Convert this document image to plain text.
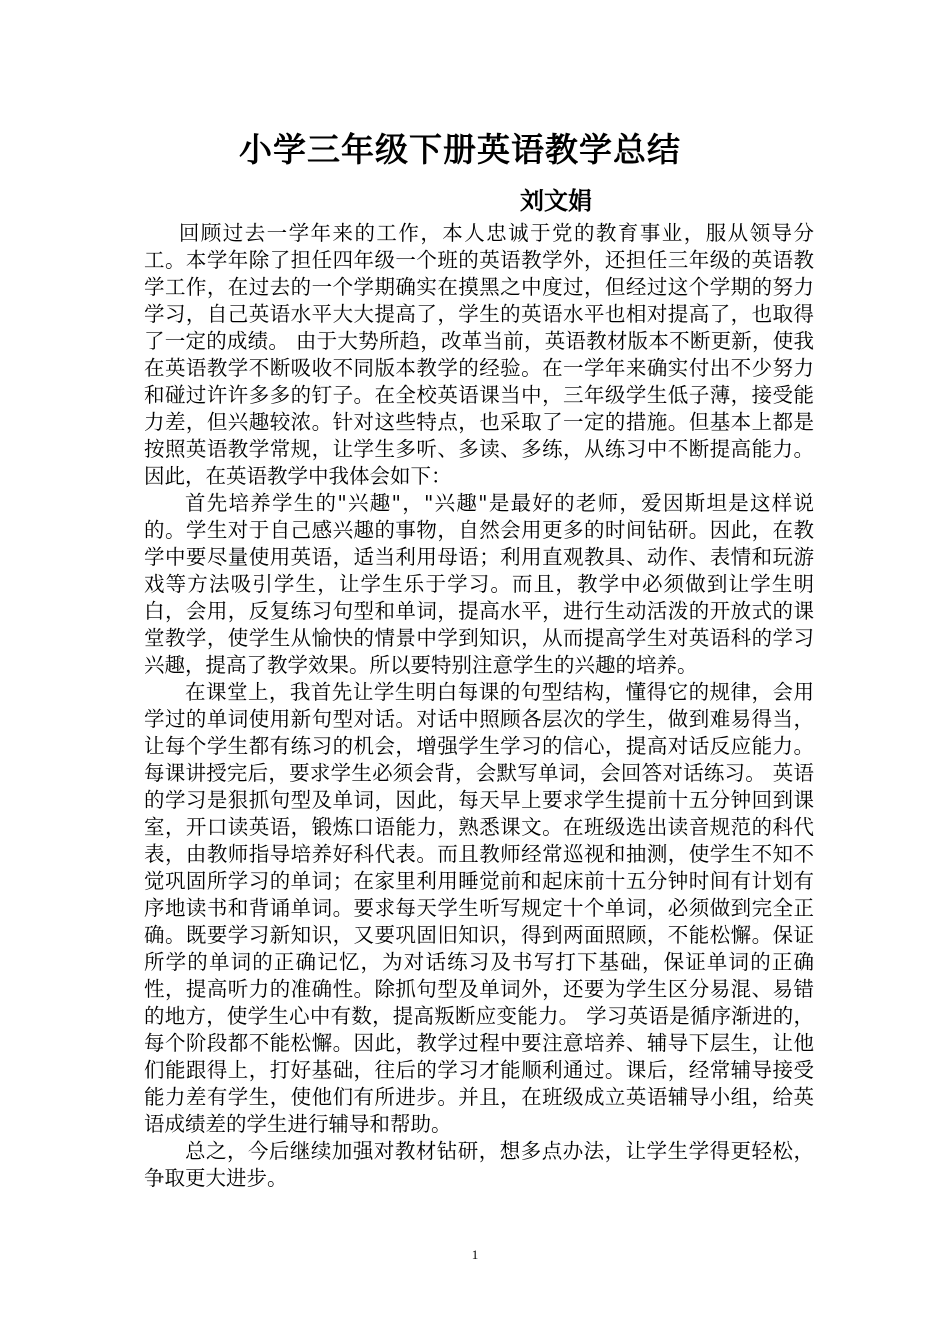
小学三年级下册英语教学总结
刘文娟

回顾过去一学年来的工作，本人忠诚于党的教育事业，服从领导分工。本学年除了担任四年级一个班的英语教学外，还担任三年级的英语教学工作，在过去的一个学期确实在摸黑之中度过，但经过这个学期的努力学习，自己英语水平大大提高了，学生的英语水平也相对提高了，也取得了一定的成绩。 由于大势所趋，改革当前，英语教材版本不断更新，使我在英语教学不断吸收不同版本教学的经验。在一学年来确实付出不少努力和碰过许许多多的钉子。在全校英语课当中，三年级学生低子薄，接受能力差，但兴趣较浓。针对这些特点，也采取了一定的措施。但基本上都是按照英语教学常规，让学生多听、多读、多练，从练习中不断提高能力。因此，在英语教学中我体会如下：

首先培养学生的"兴趣"，"兴趣"是最好的老师，爱因斯坦是这样说的。学生对于自己感兴趣的事物，自然会用更多的时间钻研。因此，在教学中要尽量使用英语，适当利用母语；利用直观教具、动作、表情和玩游戏等方法吸引学生，让学生乐于学习。而且，教学中必须做到让学生明白，会用，反复练习句型和单词，提高水平，进行生动活泼的开放式的课堂教学，使学生从愉快的情景中学到知识，从而提高学生对英语科的学习兴趣，提高了教学效果。所以要特别注意学生的兴趣的培养。

在课堂上，我首先让学生明白每课的句型结构，懂得它的规律，会用学过的单词使用新句型对话。对话中照顾各层次的学生，做到难易得当，让每个学生都有练习的机会，增强学生学习的信心，提高对话反应能力。每课讲授完后，要求学生必须会背，会默写单词，会回答对话练习。 英语的学习是狠抓句型及单词，因此，每天早上要求学生提前十五分钟回到课室，开口读英语，锻炼口语能力，熟悉课文。在班级选出读音规范的科代表，由教师指导培养好科代表。而且教师经常巡视和抽测，使学生不知不觉巩固所学习的单词；在家里利用睡觉前和起床前十五分钟时间有计划有序地读书和背诵单词。要求每天学生听写规定十个单词，必须做到完全正确。既要学习新知识，又要巩固旧知识，得到两面照顾，不能松懈。保证所学的单词的正确记忆，为对话练习及书写打下基础，保证单词的正确性，提高听力的准确性。除抓句型及单词外，还要为学生区分易混、易错的地方，使学生心中有数，提高叛断应变能力。 学习英语是循序渐进的，每个阶段都不能松懈。因此，教学过程中要注意培养、辅导下层生，让他们能跟得上，打好基础，往后的学习才能顺利通过。课后，经常辅导接受能力差有学生，使他们有所进步。并且，在班级成立英语辅导小组，给英语成绩差的学生进行辅导和帮助。

总之，今后继续加强对教材钻研，想多点办法，让学生学得更轻松，争取更大进步。

1
